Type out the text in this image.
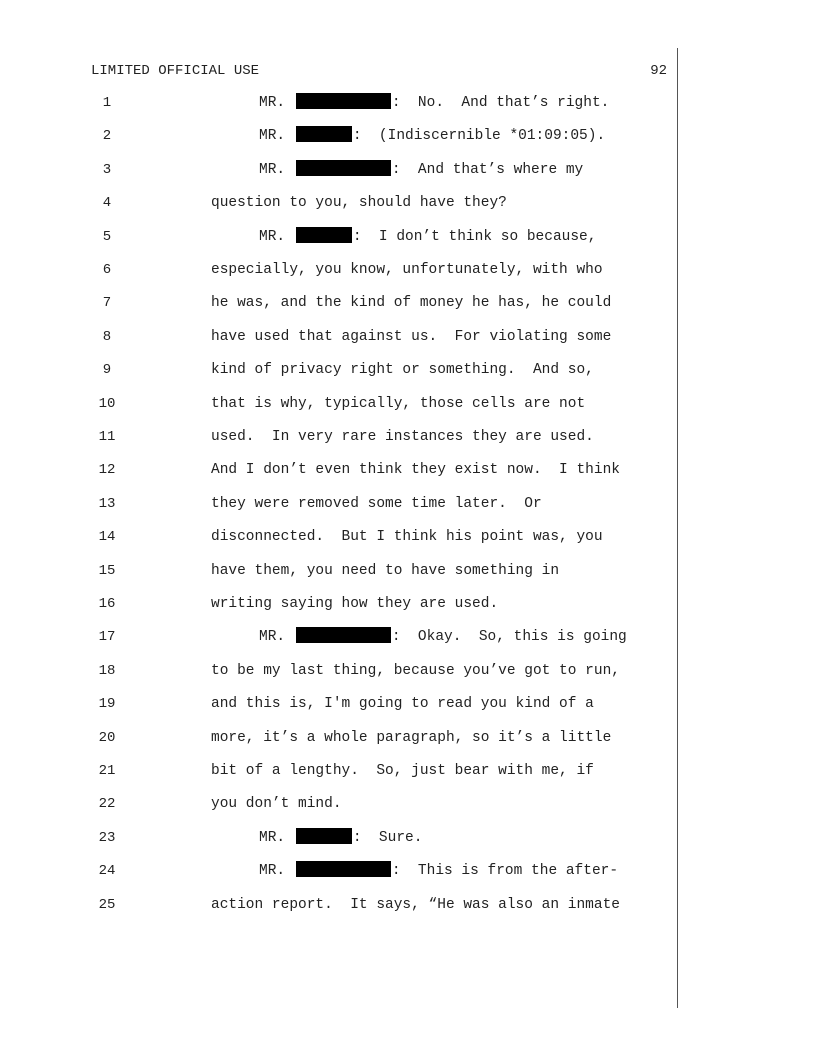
LIMITED OFFICIAL USE	92
1	MR.	:  No.  And that’s right.
2	MR.	:  (Indiscernible *01:09:05).
3	MR.	:  And that’s where my
4	question to you, should have they?
5	MR.	:  I don’t think so because,
6	especially, you know, unfortunately, with who
7	he was, and the kind of money he has, he could
8	have used that against us.  For violating some
9	kind of privacy right or something.  And so,
10	that is why, typically, those cells are not
11	used.  In very rare instances they are used.
12	And I don’t even think they exist now.  I think
13	they were removed some time later.  Or
14	disconnected.  But I think his point was, you
15	have them, you need to have something in
16	writing saying how they are used.
17	MR.	:  Okay.  So, this is going
18	to be my last thing, because you’ve got to run,
19	and this is, I'm going to read you kind of a
20	more, it’s a whole paragraph, so it’s a little
21	bit of a lengthy.  So, just bear with me, if
22	you don’t mind.
23	MR.	:  Sure.
24	MR.	:  This is from the after-
25	action report.  It says, “He was also an inmate
